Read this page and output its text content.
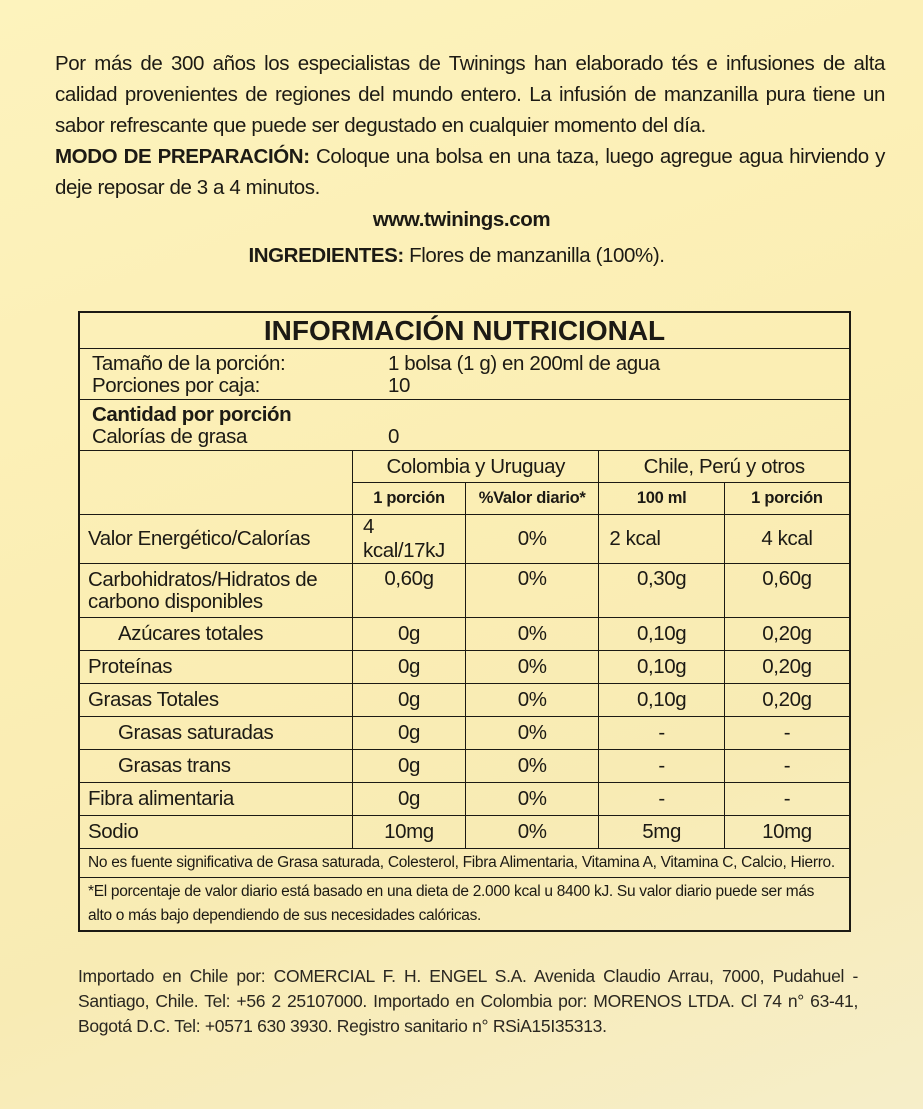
Por más de 300 años los especialistas de Twinings han elaborado tés e infusiones de alta calidad provenientes de regiones del mundo entero. La infusión de manzanilla pura tiene un sabor refrescante que puede ser degustado en cualquier momento del día.

MODO DE PREPARACIÓN: Coloque una bolsa en una taza, luego agregue agua hirviendo y deje reposar de 3 a 4 minutos.

www.twinings.com
INGREDIENTES: Flores de manzanilla (100%).
INFORMACIÓN NUTRICIONAL				

Tamaño de la porción: 1 bolsa (1 g) en 200ml de agua
Porciones por caja: 10				

Cantidad por porción
Calorías de grasa 0				

	Colombia y Uruguay		Chile, Perú y otros	
	1 porción	%Valor diario*	100 ml	1 porción
Valor Energético/Calorías	4 kcal/17kJ	0%	2 kcal	4 kcal
Carbohidratos/Hidratos de carbono disponibles	0,60g	0%	0,30g	0,60g
Azúcares totales	0g	0%	0,10g	0,20g
Proteínas	0g	0%	0,10g	0,20g
Grasas Totales	0g	0%	0,10g	0,20g
Grasas saturadas	0g	0%	-	-
Grasas trans	0g	0%	-	-
Fibra alimentaria	0g	0%	-	-
Sodio	10mg	0%	5mg	10mg
No es fuente significativa de Grasa saturada, Colesterol, Fibra Alimentaria, Vitamina A, Vitamina C, Calcio, Hierro.				
*El porcentaje de valor diario está basado en una dieta de 2.000 kcal u 8400 kJ. Su valor diario puede ser más alto o más bajo dependiendo de sus necesidades calóricas.				

Importado en Chile por: COMERCIAL F. H. ENGEL S.A. Avenida Claudio Arrau, 7000, Pudahuel - Santiago, Chile. Tel: +56 2 25107000. Importado en Colombia por: MORENOS LTDA. Cl 74 n° 63-41, Bogotá D.C. Tel: +0571 630 3930. Registro sanitario n° RSiA15I35313.
